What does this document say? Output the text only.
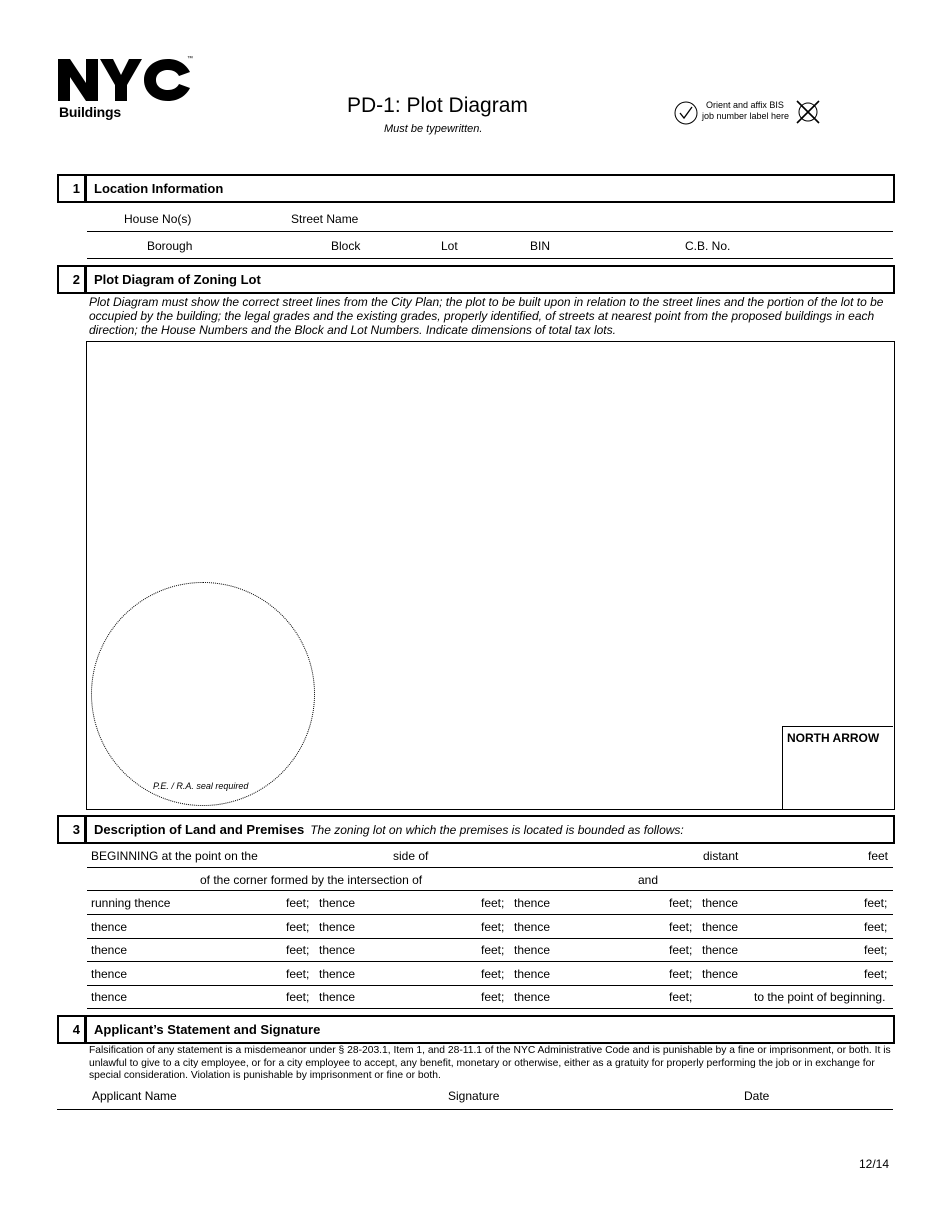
™
Buildings	PD-1: Plot Diagram
Must be typewritten.
Orient and affix BIS
job number label here
1	Location Information
House No(s)	Street Name
Borough	Block	Lot	BIN	C.B. No.
2	Plot Diagram of Zoning Lot
Plot Diagram must show the correct street lines from the City Plan; the plot to be built upon in relation to the street lines and the portion of the lot to be occupied by the building; the legal grades and the existing grades, properly identified, of streets at nearest point from the proposed buildings in each direction; the House Numbers and the Block and Lot Numbers. Indicate dimensions of total tax lots.
P.E. / R.A. seal required
NORTH ARROW
3	Description of Land and Premises The zoning lot on which the premises is located is bounded as follows:
BEGINNING at the point on the	side of	distant	feet
of the corner formed by the intersection of	and
running thence	feet; thence	feet; thence	feet; thence	feet;
thence	feet; thence	feet; thence	feet; thence	feet;
thence	feet; thence	feet; thence	feet; thence	feet;
thence	feet; thence	feet; thence	feet; thence	feet;
thence	feet; thence	feet; thence	feet;	to the point of beginning.
4	Applicant’s Statement and Signature
Falsification of any statement is a misdemeanor under § 28-203.1, Item 1, and 28-11.1 of the NYC Administrative Code and is punishable by a fine or imprisonment, or both. It is unlawful to give to a city employee, or for a city employee to accept, any benefit, monetary or otherwise, either as a gratuity for properly performing the job or in exchange for special consideration. Violation is punishable by imprisonment or fine or both.
Applicant Name	Signature	Date
12/14
